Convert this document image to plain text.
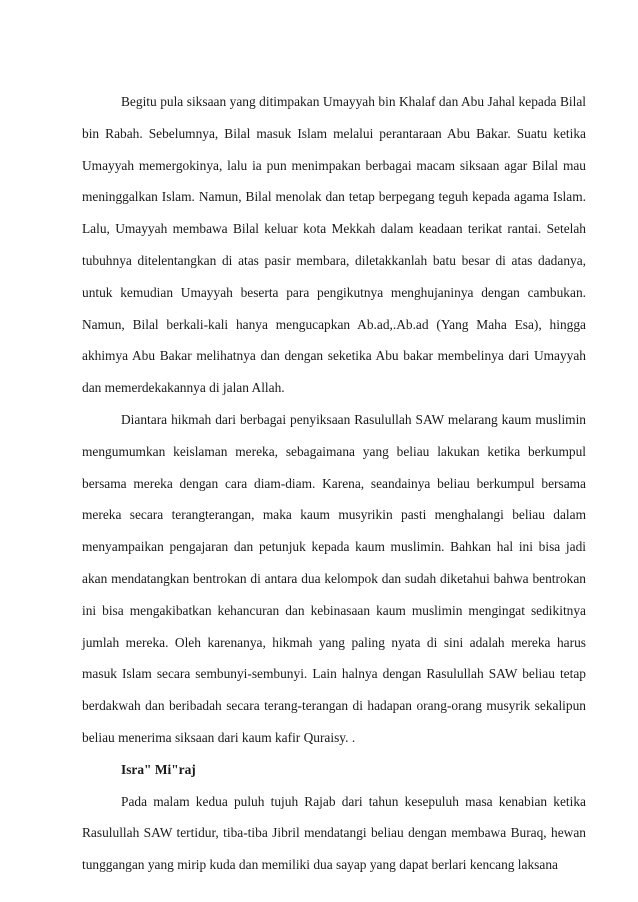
Begitu pula siksaan yang ditimpakan Umayyah bin Khalaf dan Abu Jahal kepada Bilal bin Rabah. Sebelumnya, Bilal masuk Islam melalui perantaraan Abu Bakar. Suatu ketika Umayyah memergokinya, lalu ia pun menimpakan berbagai macam siksaan agar Bilal mau meninggalkan Islam. Namun, Bilal menolak dan tetap berpegang teguh kepada agama Islam. Lalu, Umayyah membawa Bilal keluar kota Mekkah dalam keadaan terikat rantai. Setelah tubuhnya ditelentangkan di atas pasir membara, diletakkanlah batu besar di atas dadanya, untuk kemudian Umayyah beserta para pengikutnya menghujaninya dengan cambukan. Namun, Bilal berkali-kali hanya mengucapkan Ab.ad,.Ab.ad (Yang Maha Esa), hingga akhimya Abu Bakar melihatnya dan dengan seketika Abu bakar membelinya dari Umayyah dan memerdekakannya di jalan Allah.

Diantara hikmah dari berbagai penyiksaan Rasulullah SAW melarang kaum muslimin mengumumkan keislaman mereka, sebagaimana yang beliau lakukan ketika berkumpul bersama mereka dengan cara diam-diam. Karena, seandainya beliau berkumpul bersama mereka secara terangterangan, maka kaum musyrikin pasti menghalangi beliau dalam menyampaikan pengajaran dan petunjuk kepada kaum muslimin. Bahkan hal ini bisa jadi akan mendatangkan bentrokan di antara dua kelompok dan sudah diketahui bahwa bentrokan ini bisa mengakibatkan kehancuran dan kebinasaan kaum muslimin mengingat sedikitnya jumlah mereka. Oleh karenanya, hikmah yang paling nyata di sini adalah mereka harus masuk Islam secara sembunyi-sembunyi. Lain halnya dengan Rasulullah SAW beliau tetap berdakwah dan beribadah secara terang-terangan di hadapan orang-orang musyrik sekalipun beliau menerima siksaan dari kaum kafir Quraisy. .

Isra" Mi"raj

Pada malam kedua puluh tujuh Rajab dari tahun kesepuluh masa kenabian ketika Rasulullah SAW tertidur, tiba-tiba Jibril mendatangi beliau dengan membawa Buraq, hewan tunggangan yang mirip kuda dan memiliki dua sayap yang dapat berlari kencang laksana
